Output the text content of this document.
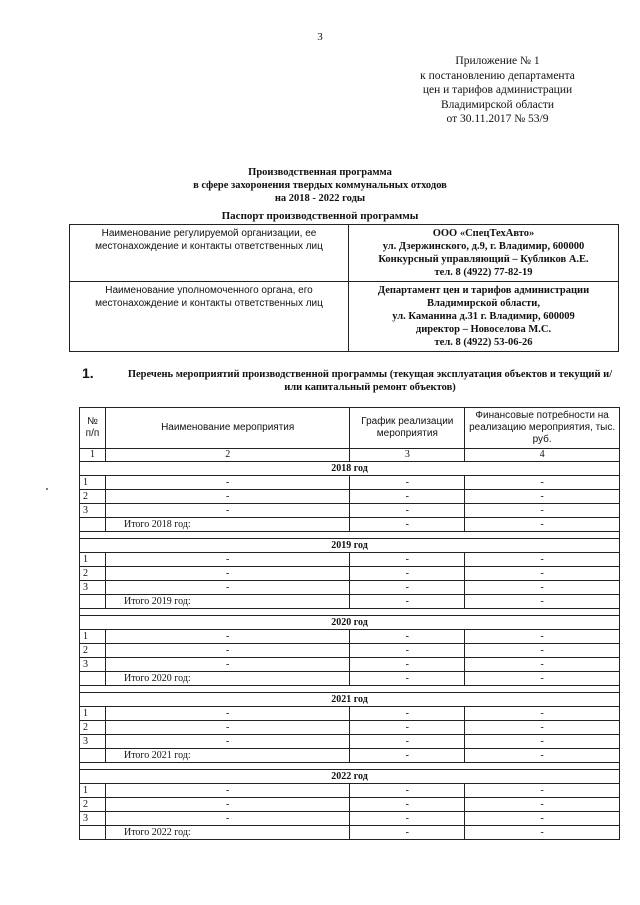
3
Приложение № 1
к постановлению департамента
цен и тарифов администрации
Владимирской области
от 30.11.2017 № 53/9
Производственная программа
в сфере захоронения твердых коммунальных отходов
на 2018 - 2022 годы
Паспорт производственной программы
Наименование регулируемой организации, ее местонахождение и контакты ответственных лиц	ООО «СпецТехАвто»
ул. Дзержинского, д.9, г. Владимир, 600000
Конкурсный управляющий – Кубликов А.Е.
тел. 8 (4922) 77-82-19

Наименование уполномоченного органа, его местонахождение и контакты ответственных лиц	Департамент цен и тарифов администрации
Владимирской области,
ул. Каманина д.31 г. Владимир, 600009
директор – Новоселова М.С.
тел. 8 (4922) 53-06-26
1.	Перечень мероприятий производственной программы (текущая эксплуатация объектов и текущий и/или капитальный ремонт объектов)
№ п/п	Наименование мероприятия	График реализации мероприятия	Финансовые потребности на реализацию мероприятия, тыс. руб.
1	2	3	4
2018 год			
1	-	-	-
2	-	-	-
3	-	-	-
	Итого 2018 год:	-	-

2019 год			
1	-	-	-
2	-	-	-
3	-	-	-
	Итого 2019 год:	-	-

2020 год			
1	-	-	-
2	-	-	-
3	-	-	-
	Итого 2020 год:	-	-

2021 год			
1	-	-	-
2	-	-	-
3	-	-	-
	Итого 2021 год:	-	-

2022 год			
1	-	-	-
2	-	-	-
3	-	-	-
	Итого 2022 год:	-	-
